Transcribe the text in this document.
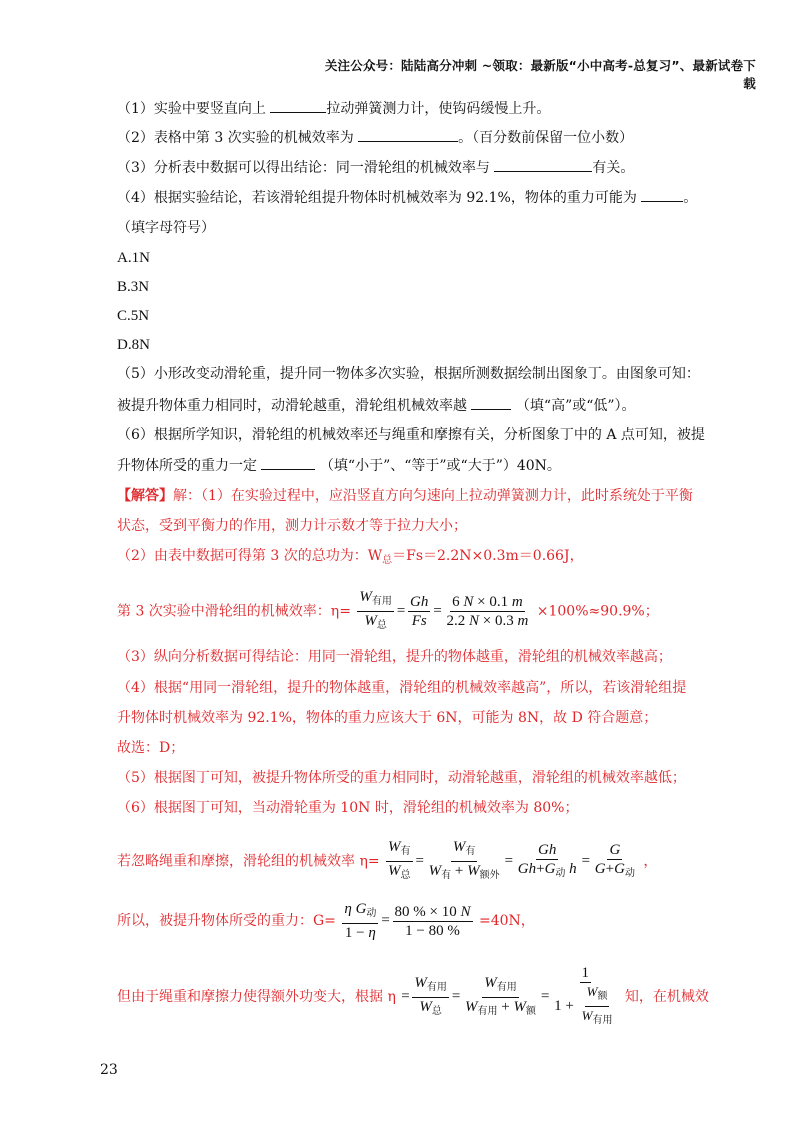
关注公众号：陆陆高分冲刺 ~领取：最新版“小中高考-总复习”、最新试卷下载
（1）实验中要竖直向上	拉动弹簧测力计，使钩码缓慢上升。
（2）表格中第 3 次实验的机械效率为	。（百分数前保留一位小数）
（3）分析表中数据可以得出结论：同一滑轮组的机械效率与	有关。
（4）根据实验结论，若该滑轮组提升物体时机械效率为 92.1%，物体的重力可能为	。
（填字母符号）
A.1N
B.3N
C.5N
D.8N
（5）小形改变动滑轮重，提升同一物体多次实验，根据所测数据绘制出图象丁。由图象可知：
被提升物体重力相同时，动滑轮越重，滑轮组机械效率越	（填“高”或“低”）。
（6）根据所学知识，滑轮组的机械效率还与绳重和摩擦有关，分析图象丁中的 A 点可知，被提
升物体所受的重力一定	（填“小于”、“等于”或“大于”）40N。
【解答】解：（1）在实验过程中，应沿竖直方向匀速向上拉动弹簧测力计，此时系统处于平衡
状态，受到平衡力的作用，测力计示数才等于拉力大小；
（2）由表中数据可得第 3 次的总功为：$W_总=Fs=2.2N\times 0.3m=0.66J$，
第 3 次实验中滑轮组的机械效率：$\eta= \frac{W_{有用}}{W_总} = \frac{Gh}{Fs} = \frac{6 N \times 0.1 m}{2.2 N \times 0.3 m} \times 100\%\approx 90.9\%$；
（3）纵向分析数据可得结论：用同一滑轮组，提升的物体越重，滑轮组的机械效率越高；
（4）根据“用同一滑轮组，提升的物体越重，滑轮组的机械效率越高”，所以，若该滑轮组提
升物体时机械效率为 92.1%，物体的重力应该大于 6N，可能为 8N，故 D 符合题意；
故选：D；
（5）根据图丁可知，被提升物体所受的重力相同时，动滑轮越重，滑轮组的机械效率越低；
（6）根据图丁可知，当动滑轮重为 10N 时，滑轮组的机械效率为 80%；
若忽略绳重和摩擦，滑轮组的机械效率 $\eta= \frac{W_有}{W_总} = \frac{W_有}{W_有 + W_{额外}} = \frac{Gh}{Gh+G_动 h} = \frac{G}{G+G_动}$ ，
所以，被提升物体所受的重力：$G= \frac{\eta G_动}{1 - \eta} = \frac{80 \% \times 10 N}{1 - 80 \%} =40N$，
但由于绳重和摩擦力使得额外功变大，根据 $\eta = \frac{W_{有用}}{W_总} = \frac{W_{有用}}{W_{有用} + W_额} = \frac{1}{1 + \frac{W_额}{W_{有用}}}$ 知，在机械效
23
